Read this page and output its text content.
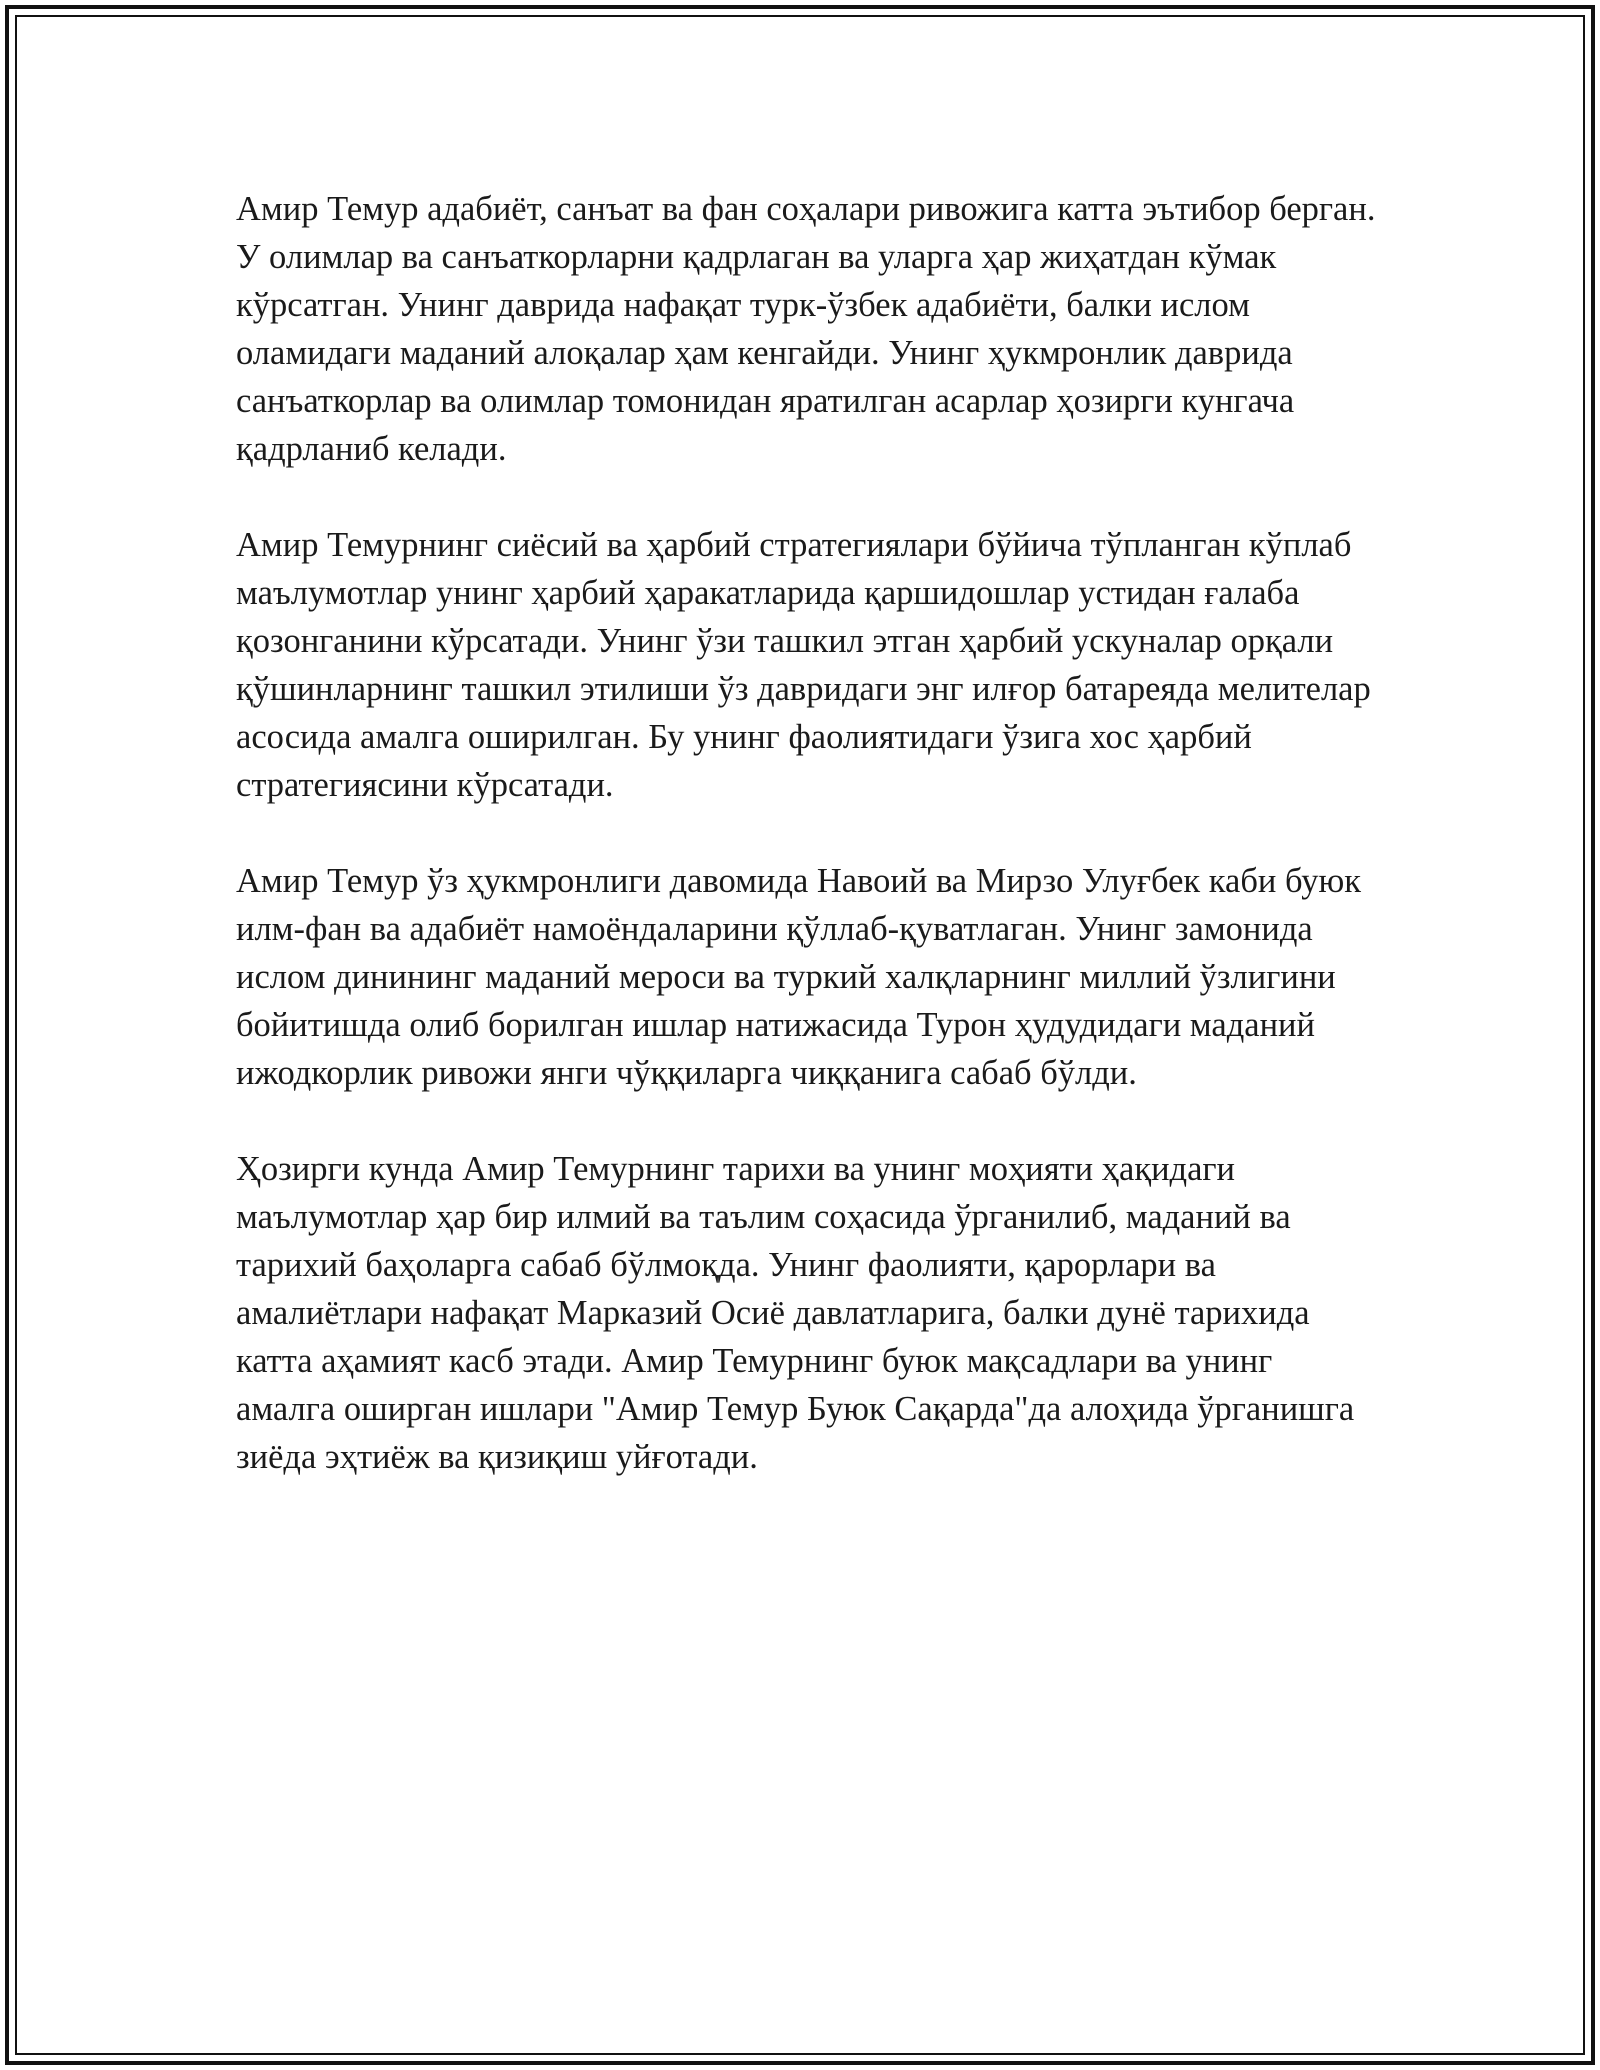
Амир Темур адабиёт, санъат ва фан соҳалари ривожига катта эътибор берган. У олимлар ва санъаткорларни қадрлаган ва уларга ҳар жиҳатдан кўмак кўрсатган. Унинг даврида нафақат турк-ўзбек адабиёти, балки ислом оламидаги маданий алоқалар ҳам кенгайди. Унинг ҳукмронлик даврида санъаткорлар ва олимлар томонидан яратилган асарлар ҳозирги кунгача қадрланиб келади.

Амир Темурнинг сиёсий ва ҳарбий стратегиялари бўйича тўпланган кўплаб маълумотлар унинг ҳарбий ҳаракатларида қаршидошлар устидан ғалаба қозонганини кўрсатади. Унинг ўзи ташкил этган ҳарбий ускуналар орқали қўшинларнинг ташкил этилиши ўз давридаги энг илғор батареяда мелителар асосида амалга оширилган. Бу унинг фаолиятидаги ўзига хос ҳарбий стратегиясини кўрсатади.

Амир Темур ўз ҳукмронлиги давомида Навоий ва Мирзо Улуғбек каби буюк илм-фан ва адабиёт намоёндаларини қўллаб-қуватлаган. Унинг замонида ислом динининг маданий мероси ва туркий халқларнинг миллий ўзлигини бойитишда олиб борилган ишлар натижасида Турон ҳудудидаги маданий ижодкорлик ривожи янги чўққиларга чиққанига сабаб бўлди.

Ҳозирги кунда Амир Темурнинг тарихи ва унинг моҳияти ҳақидаги маълумотлар ҳар бир илмий ва таълим соҳасида ўрганилиб, маданий ва тарихий баҳоларга сабаб бўлмоқда. Унинг фаолияти, қарорлари ва амалиётлари нафақат Марказий Осиё давлатларига, балки дунё тарихида катта аҳамият касб этади. Амир Темурнинг буюк мақсадлари ва унинг амалга оширган ишлари "Амир Темур Буюк Сақарда"да алоҳида ўрганишга зиёда эҳтиёж ва қизиқиш уйғотади.
